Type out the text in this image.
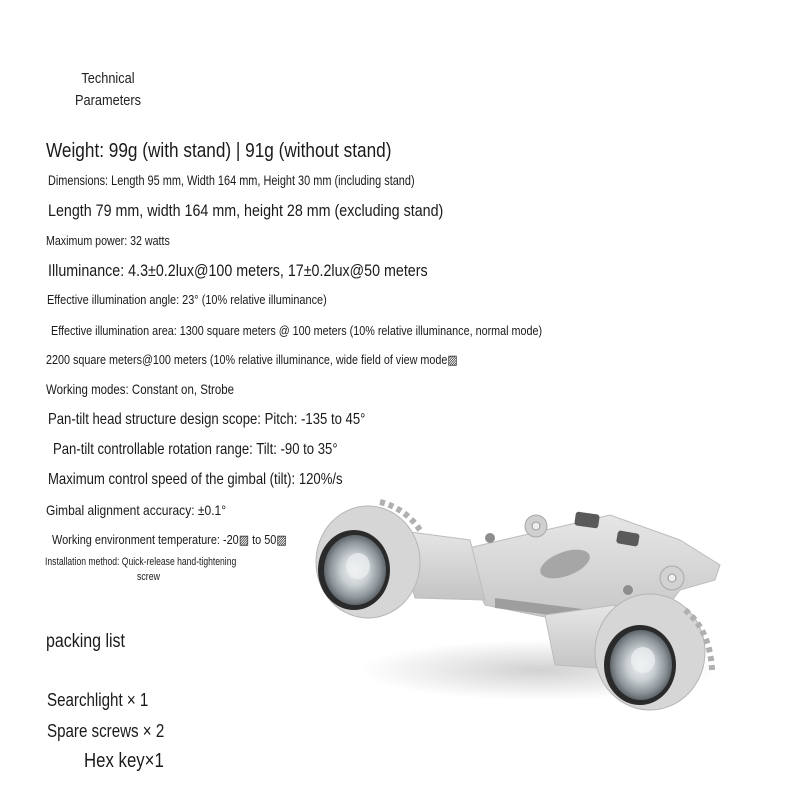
Technical
Parameters
Weight: 99g (with stand) | 91g (without stand)
Dimensions: Length 95 mm, Width 164 mm, Height 30 mm (including stand)
Length 79 mm, width 164 mm, height 28 mm (excluding stand)
Maximum power: 32 watts
Illuminance: 4.3±0.2lux@100 meters, 17±0.2lux@50 meters
Effective illumination angle: 23° (10% relative illuminance)
Effective illumination area: 1300 square meters @ 100 meters (10% relative illuminance, normal mode)
2200 square meters@100 meters (10% relative illuminance, wide field of view mode▨
Working modes: Constant on, Strobe
Pan-tilt head structure design scope: Pitch: -135 to 45°
Pan-tilt controllable rotation range: Tilt: -90 to 35°
Maximum control speed of the gimbal (tilt): 120%/s
Gimbal alignment accuracy: ±0.1°
Working environment temperature: -20▨ to 50▨
Installation method: Quick-release hand-tightening
screw
packing list
Searchlight × 1
Spare screws × 2
Hex key×1
